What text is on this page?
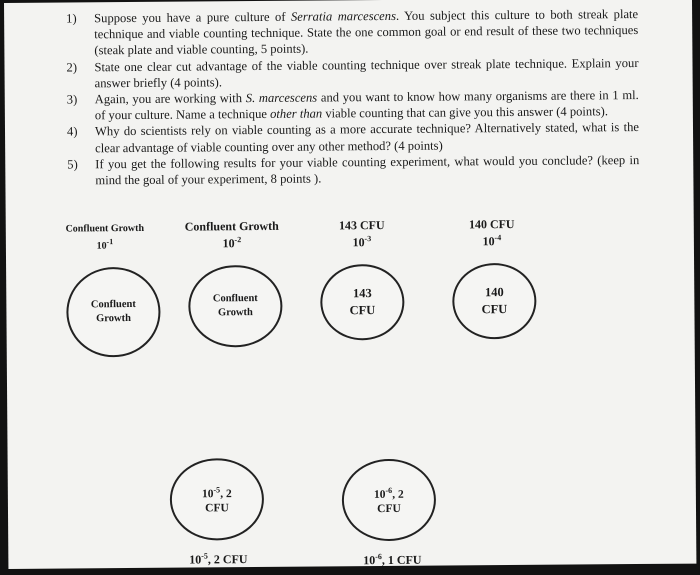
1) Suppose you have a pure culture of Serratia marcescens. You subject this culture to both streak plate technique and viable counting technique. State the one common goal or end result of these two techniques (steak plate and viable counting, 5 points).

2) State one clear cut advantage of the viable counting technique over streak plate technique. Explain your answer briefly (4 points).

3) Again, you are working with S. marcescens and you want to know how many organisms are there in 1 ml. of your culture. Name a technique other than viable counting that can give you this answer (4 points).

4) Why do scientists rely on viable counting as a more accurate technique? Alternatively stated, what is the clear advantage of viable counting over any other method? (4 points)

5) If you get the following results for your viable counting experiment, what would you conclude? (keep in mind the goal of your experiment, 8 points ).

Confluent Growth
$10^{-1}$
Confluent Growth
$10^{-2}$
143 CFU
$10^{-3}$
140 CFU
$10^{-4}$
Confluent
Growth
Confluent
Growth
143
CFU
140
CFU
$10^{-5}$, 2
CFU
$10^{-6}$, 2
CFU
$10^{-5}$, 2 CFU	$10^{-6}$, 1 CFU
